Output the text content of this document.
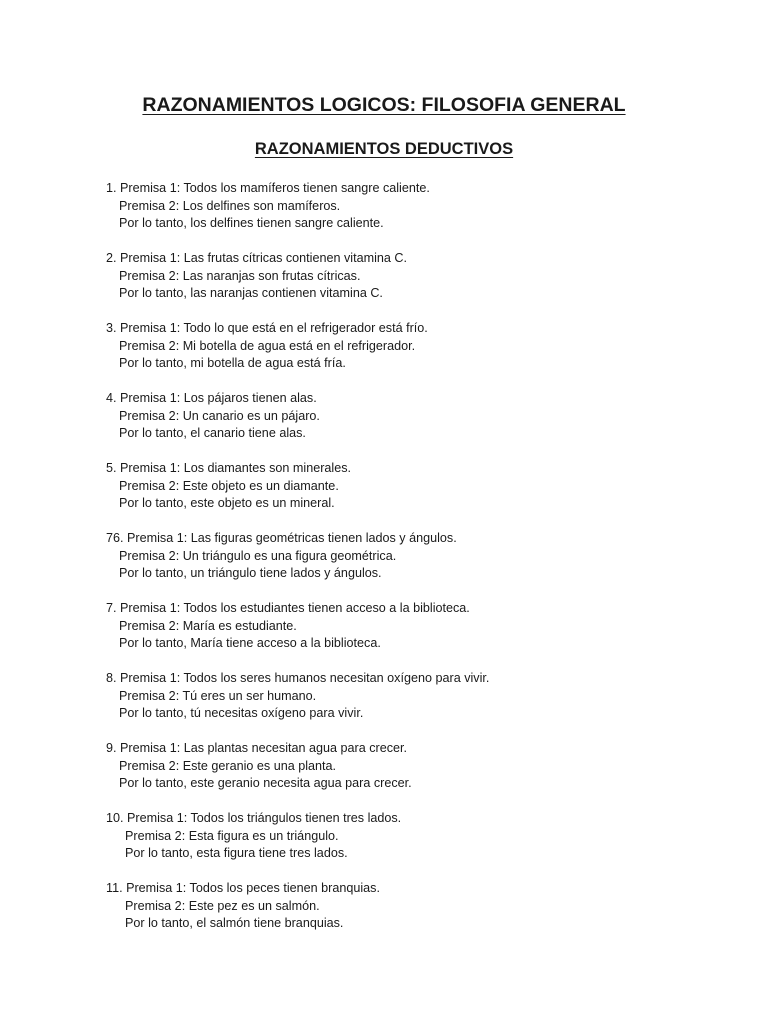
RAZONAMIENTOS LOGICOS: FILOSOFIA GENERAL
RAZONAMIENTOS DEDUCTIVOS
1. Premisa 1: Todos los mamíferos tienen sangre caliente.
Premisa 2: Los delfines son mamíferos.
Por lo tanto, los delfines tienen sangre caliente.
2. Premisa 1: Las frutas cítricas contienen vitamina C.
Premisa 2: Las naranjas son frutas cítricas.
Por lo tanto, las naranjas contienen vitamina C.
3. Premisa 1: Todo lo que está en el refrigerador está frío.
Premisa 2: Mi botella de agua está en el refrigerador.
Por lo tanto, mi botella de agua está fría.
4. Premisa 1: Los pájaros tienen alas.
Premisa 2: Un canario es un pájaro.
Por lo tanto, el canario tiene alas.
5. Premisa 1: Los diamantes son minerales.
Premisa 2: Este objeto es un diamante.
Por lo tanto, este objeto es un mineral.
76. Premisa 1: Las figuras geométricas tienen lados y ángulos.
Premisa 2: Un triángulo es una figura geométrica.
Por lo tanto, un triángulo tiene lados y ángulos.
7. Premisa 1: Todos los estudiantes tienen acceso a la biblioteca.
Premisa 2: María es estudiante.
Por lo tanto, María tiene acceso a la biblioteca.
8. Premisa 1: Todos los seres humanos necesitan oxígeno para vivir.
Premisa 2: Tú eres un ser humano.
Por lo tanto, tú necesitas oxígeno para vivir.
9. Premisa 1: Las plantas necesitan agua para crecer.
Premisa 2: Este geranio es una planta.
Por lo tanto, este geranio necesita agua para crecer.
10. Premisa 1: Todos los triángulos tienen tres lados.
Premisa 2: Esta figura es un triángulo.
Por lo tanto, esta figura tiene tres lados.
11. Premisa 1: Todos los peces tienen branquias.
Premisa 2: Este pez es un salmón.
Por lo tanto, el salmón tiene branquias.
